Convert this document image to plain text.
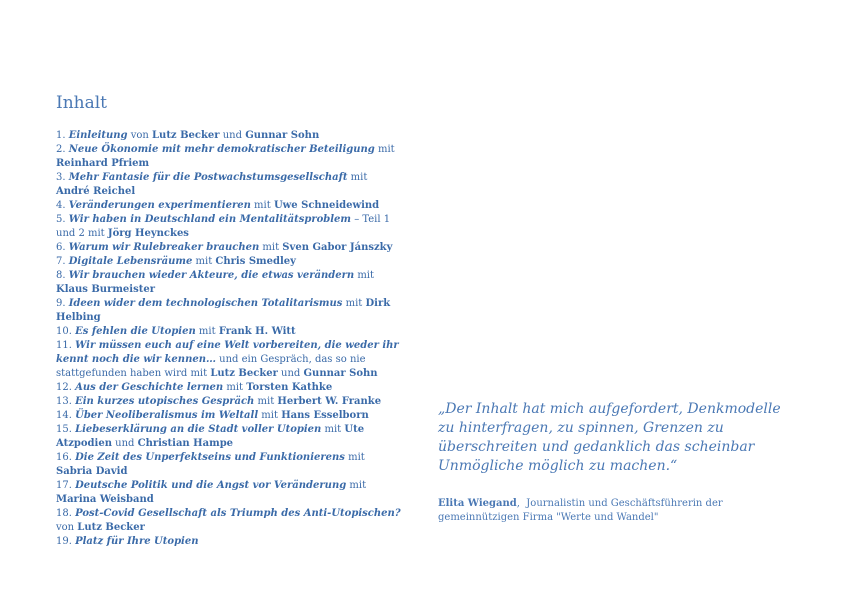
Inhalt
1. Einleitung von Lutz Becker und Gunnar Sohn
2. Neue Ökonomie mit mehr demokratischer Beteiligung mit Reinhard Pfriem
3. Mehr Fantasie für die Postwachstumsgesellschaft mit André Reichel
4. Veränderungen experimentieren mit Uwe Schneidewind
5. Wir haben in Deutschland ein Mentalitätsproblem – Teil 1 und 2 mit Jörg Heynckes
6. Warum wir Rulebreaker brauchen mit Sven Gabor Jánszky
7. Digitale Lebensräume mit Chris Smedley
8. Wir brauchen wieder Akteure, die etwas verändern mit Klaus Burmeister
9. Ideen wider dem technologischen Totalitarismus mit Dirk Helbing
10. Es fehlen die Utopien mit Frank H. Witt
11. Wir müssen euch auf eine Welt vorbereiten, die weder ihr kennt noch die wir kennen… und ein Gespräch, das so nie stattgefunden haben wird mit Lutz Becker und Gunnar Sohn
12. Aus der Geschichte lernen mit Torsten Kathke
13. Ein kurzes utopisches Gespräch mit Herbert W. Franke
14. Über Neoliberalismus im Weltall mit Hans Esselborn
15. Liebeserklärung an die Stadt voller Utopien mit Ute Atzpodien und Christian Hampe
16. Die Zeit des Unperfektseins und Funktionierens mit Sabria David
17. Deutsche Politik und die Angst vor Veränderung mit Marina Weisband
18. Post-Covid Gesellschaft als Triumph des Anti-Utopischen? von Lutz Becker
19. Platz für Ihre Utopien

„Der Inhalt hat mich aufgefordert, Denkmodelle zu hinterfragen, zu spinnen, Grenzen zu überschreiten und gedanklich das scheinbar Unmögliche möglich zu machen.“

Elita Wiegand,  Journalistin und Geschäftsführerin der gemeinnützigen Firma "Werte und Wandel"
